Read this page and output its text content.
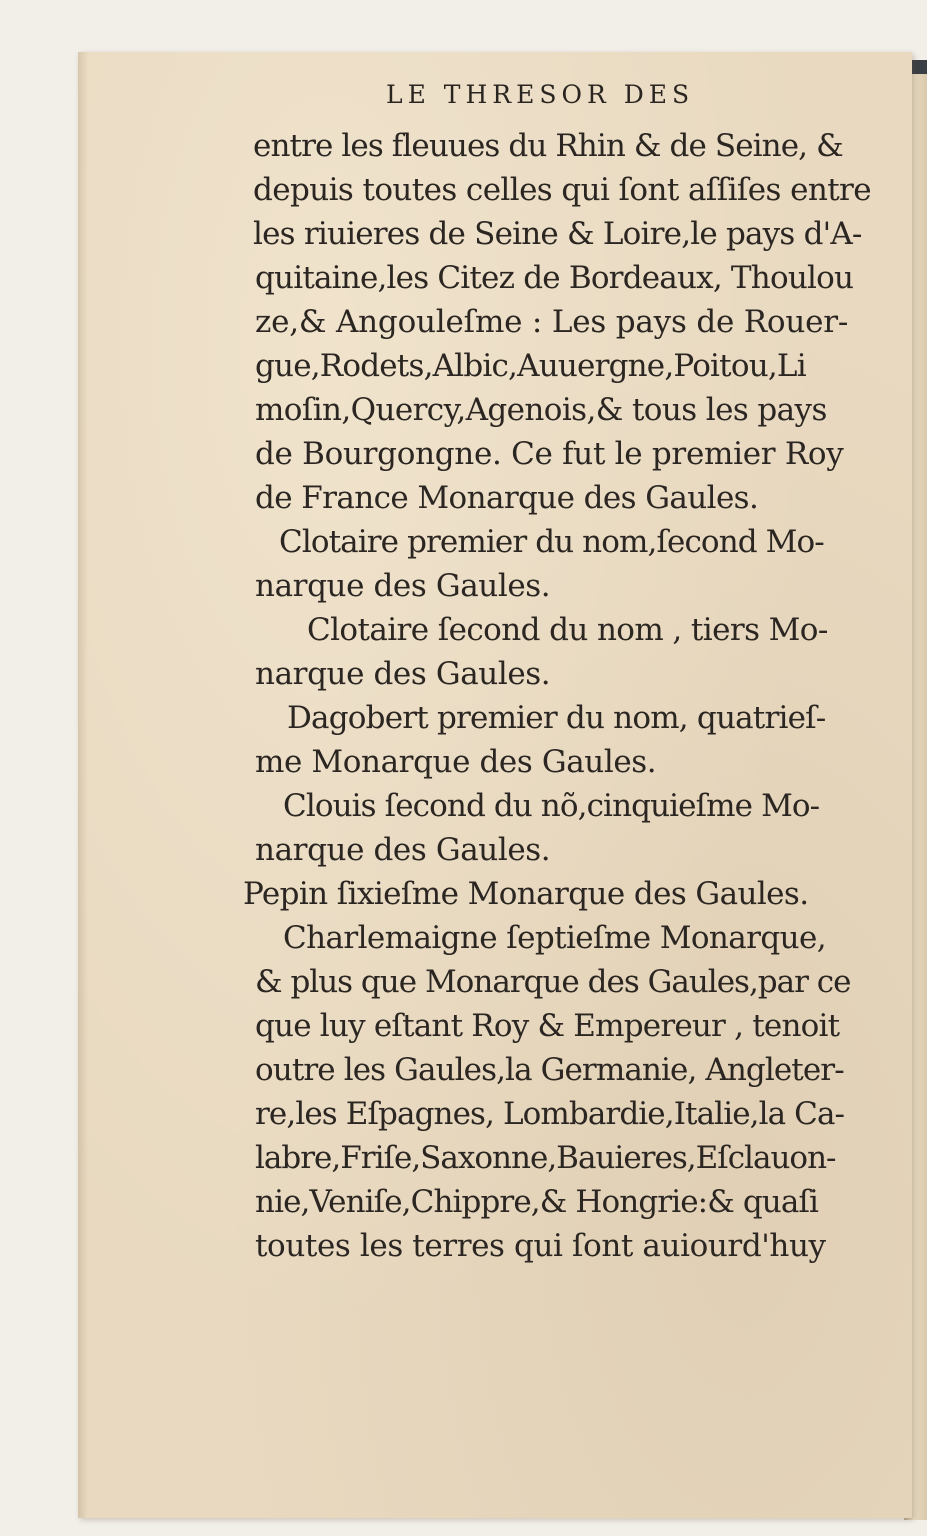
LE THRESOR DES
entre les fleuues du Rhin & de Seine, &
depuis toutes celles qui ſont aſſiſes entre
les riuieres de Seine & Loire,le pays d'A-
quitaine,les Citez de Bordeaux, Thoulou
ze,& Angouleſme : Les pays de Rouer-
gue,Rodets,Albic,Auuergne,Poitou,Li
moſin,Quercy,Agenois,& tous les pays
de Bourgongne. Ce fut le premier Roy
de France Monarque des Gaules.
Clotaire premier du nom,ſecond Mo-
narque des Gaules.
Clotaire ſecond du nom , tiers Mo-
narque des Gaules.
Dagobert premier du nom, quatrieſ-
me Monarque des Gaules.
Clouis ſecond du nõ,cinquieſme Mo-
narque des Gaules.
Pepin ſixieſme Monarque des Gaules.
Charlemaigne ſeptieſme Monarque,
& plus que Monarque des Gaules,par ce
que luy eſtant Roy & Empereur , tenoit
outre les Gaules,la Germanie, Angleter-
re,les Eſpagnes, Lombardie,Italie,la Ca-
labre,Friſe,Saxonne,Bauieres,Eſclauon-
nie,Veniſe,Chippre,& Hongrie:& quaſi
toutes les terres qui ſont auiourd'huy
